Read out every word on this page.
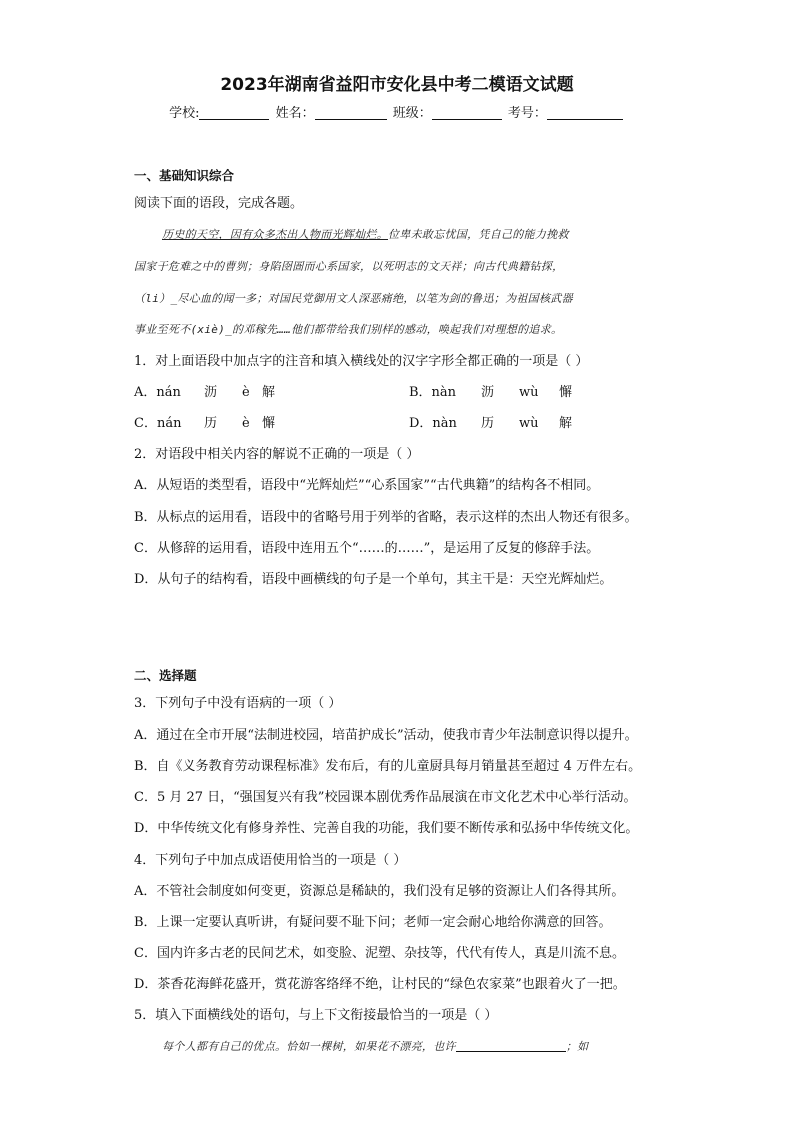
2023年湖南省益阳市安化县中考二模语文试题
学校:	姓名：	班级：	考号：
一、基础知识综合
阅读下面的语段，完成各题。
历史的天空，因有众多杰出人物而光辉灿烂。位卑未敢忘忧国，凭自己的能力挽救
国家于危难之中的曹刿；身陷囹圄而心系国家，以死明志的文天祥；向古代典籍钻探，
（li）_尽心血的闻一多；对国民党御用文人深恶痛绝，以笔为剑的鲁迅；为祖国核武器
事业至死不(xiè)_的邓稼先……他们都带给我们别样的感动，唤起我们对理想的追求。
1．对上面语段中加点字的注音和填入横线处的汉字字形全都正确的一项是（ ）
A．nán 沥 è 解	B．nàn 沥 wù 懈
C．nán 历 è 懈	D．nàn 历 wù 解
2．对语段中相关内容的解说不正确的一项是（ ）
A．从短语的类型看，语段中“光辉灿烂”“心系国家”“古代典籍”的结构各不相同。
B．从标点的运用看，语段中的省略号用于列举的省略，表示这样的杰出人物还有很多。
C．从修辞的运用看，语段中连用五个“……的……”，是运用了反复的修辞手法。
D．从句子的结构看，语段中画横线的句子是一个单句，其主干是：天空光辉灿烂。
二、选择题
3．下列句子中没有语病的一项（ ）
A．通过在全市开展“法制进校园，培苗护成长”活动，使我市青少年法制意识得以提升。
B．自《义务教育劳动课程标准》发布后，有的儿童厨具每月销量甚至超过 4 万件左右。
C．5 月 27 日，“强国复兴有我”校园课本剧优秀作品展演在市文化艺术中心举行活动。
D．中华传统文化有修身养性、完善自我的功能，我们要不断传承和弘扬中华传统文化。
4．下列句子中加点成语使用恰当的一项是（ ）
A．不管社会制度如何变更，资源总是稀缺的，我们没有足够的资源让人们各得其所。
B．上课一定要认真听讲，有疑问要不耻下问；老师一定会耐心地给你满意的回答。
C．国内许多古老的民间艺术，如变脸、泥塑、杂技等，代代有传人，真是川流不息。
D．茶香花海鲜花盛开，赏花游客络绎不绝，让村民的“绿色农家菜”也跟着火了一把。
5．填入下面横线处的语句，与上下文衔接最恰当的一项是（ ）
每个人都有自己的优点。恰如一棵树，如果花不漂亮，也许	；如
